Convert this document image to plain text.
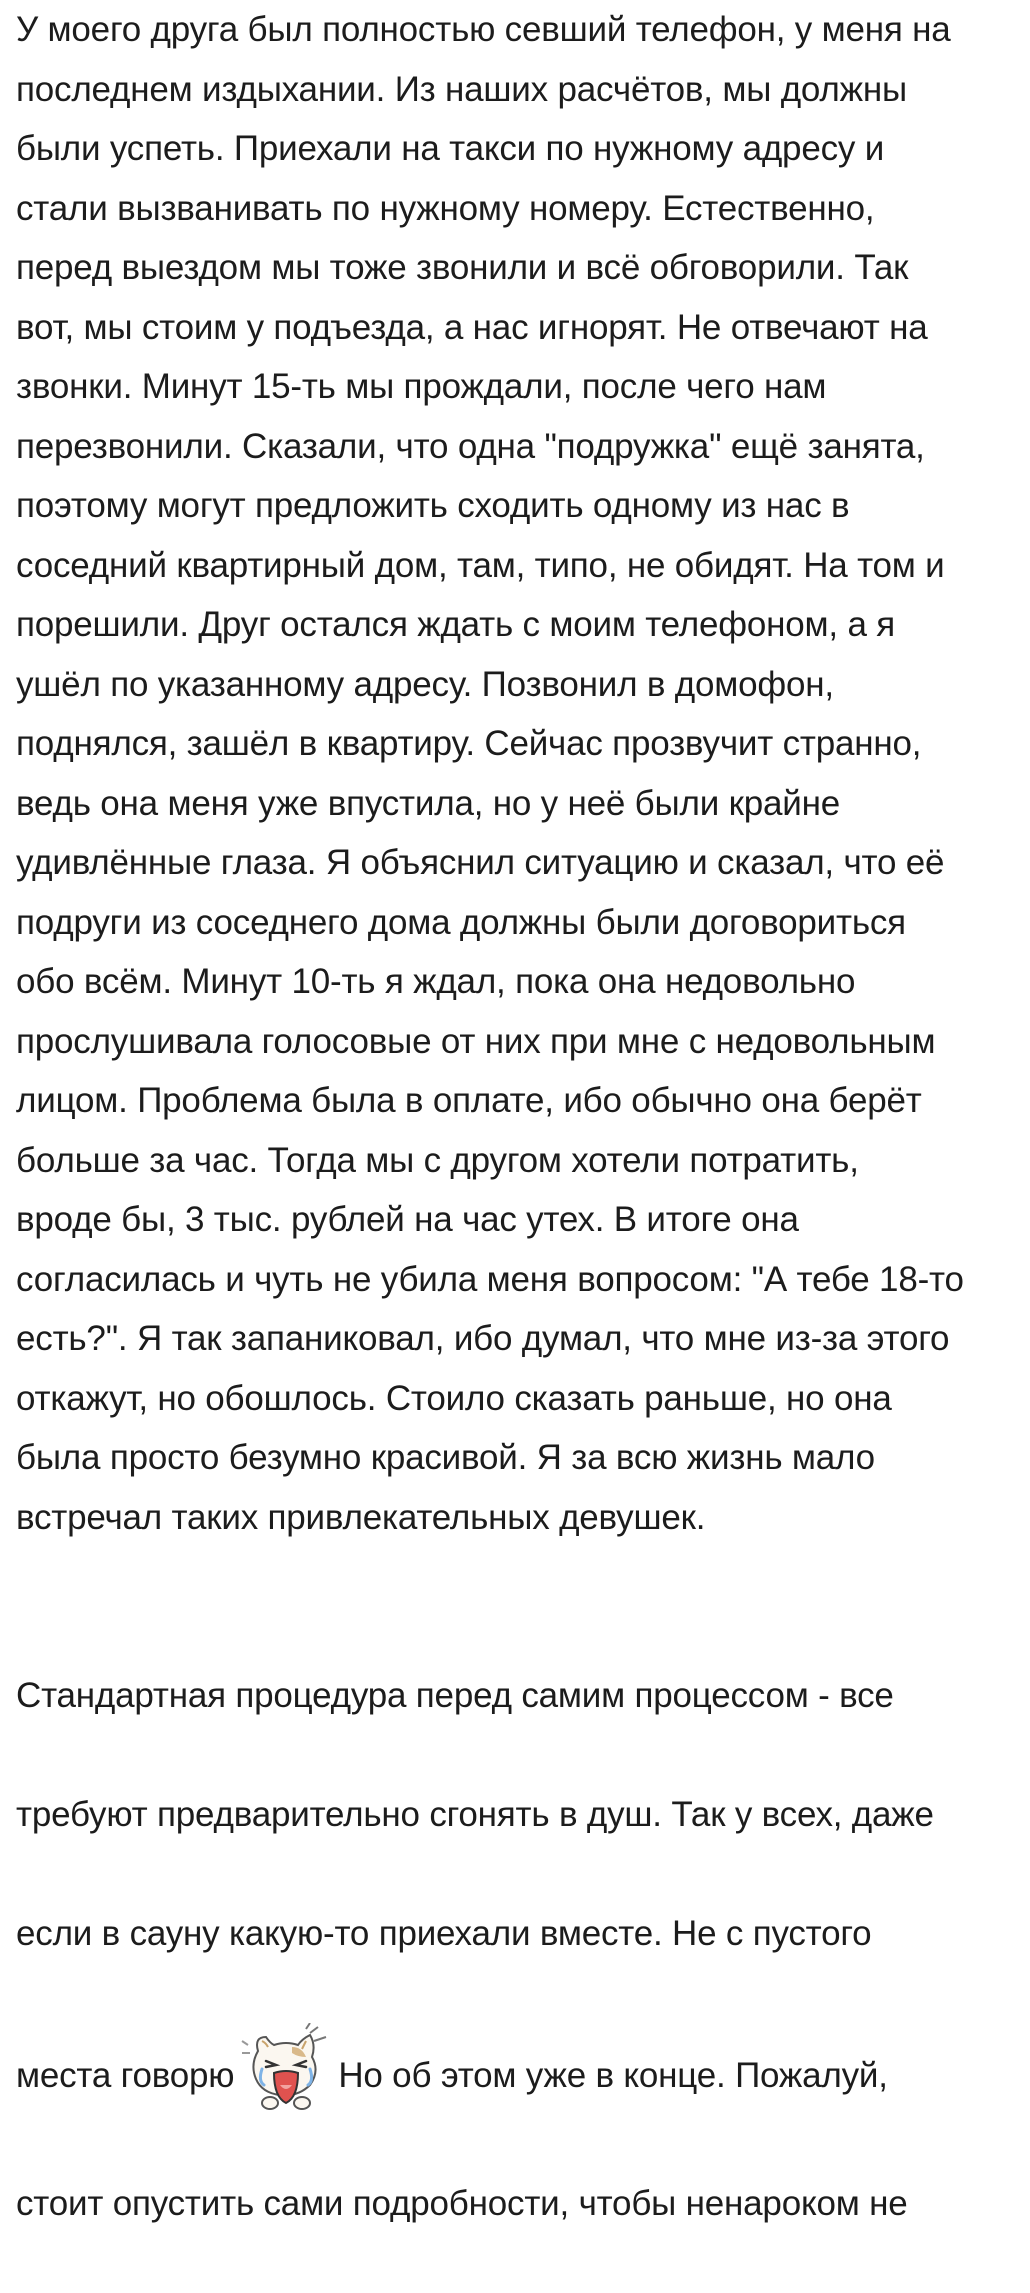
У моего друга был полностью севший телефон, у меня на
последнем издыхании. Из наших расчётов, мы должны
были успеть. Приехали на такси по нужному адресу и
стали вызванивать по нужному номеру. Естественно,
перед выездом мы тоже звонили и всё обговорили. Так
вот, мы стоим у подъезда, а нас игнорят. Не отвечают на
звонки. Минут 15-ть мы прождали, после чего нам
перезвонили. Сказали, что одна "подружка" ещё занята,
поэтому могут предложить сходить одному из нас в
соседний квартирный дом, там, типо, не обидят. На том и
порешили. Друг остался ждать с моим телефоном, а я
ушёл по указанному адресу. Позвонил в домофон,
поднялся, зашёл в квартиру. Сейчас прозвучит странно,
ведь она меня уже впустила, но у неё были крайне
удивлённые глаза. Я объяснил ситуацию и сказал, что её
подруги из соседнего дома должны были договориться
обо всём. Минут 10-ть я ждал, пока она недовольно
прослушивала голосовые от них при мне с недовольным
лицом. Проблема была в оплате, ибо обычно она берёт
больше за час. Тогда мы с другом хотели потратить,
вроде бы, 3 тыс. рублей на час утех. В итоге она
согласилась и чуть не убила меня вопросом: "А тебе 18-то
есть?". Я так запаниковал, ибо думал, что мне из-за этого
откажут, но обошлось. Стоило сказать раньше, но она
была просто безумно красивой. Я за всю жизнь мало
встречал таких привлекательных девушек.

Стандартная процедура перед самим процессом - все

требуют предварительно сгонять в душ. Так у всех, даже

если в сауну какую-то приехали вместе. Не с пустого

места говорю	Но об этом уже в конце. Пожалуй,

стоит опустить сами подробности, чтобы ненароком не
